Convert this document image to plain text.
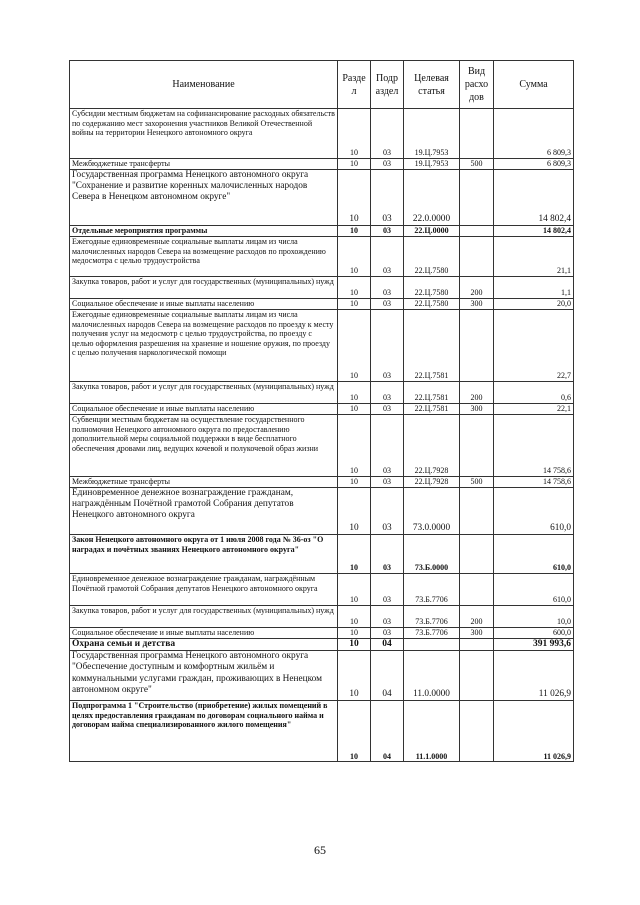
Наименование	Разде л	Подр аздел	Целевая статья	Вид расхо дов	Сумма
Субсидии местным бюджетам на софинансирование расходных обязательств по содержанию мест захоронения участников Великой Отечественной войны на территории Ненецкого автономного округа	10	03	19.Ц.7953		6 809,3
Межбюджетные трансферты	10	03	19.Ц.7953	500	6 809,3
Государственная программа Ненецкого автономного округа "Сохранение и развитие коренных малочисленных народов Севера в Ненецком автономном округе"	10	03	22.0.0000		14 802,4
Отдельные мероприятия программы	10	03	22.Ц.0000		14 802,4
Ежегодные единовременные социальные выплаты лицам из числа малочисленных народов Севера на возмещение расходов по прохождению медосмотра с целью трудоустройства	10	03	22.Ц.7580		21,1
Закупка товаров, работ и услуг для государственных (муниципальных) нужд	10	03	22.Ц.7580	200	1,1
Социальное обеспечение и иные выплаты населению	10	03	22.Ц.7580	300	20,0
Ежегодные единовременные социальные выплаты лицам из числа малочисленных народов Севера на возмещение расходов по проезду к месту получения услуг на медосмотр с целью трудоустройства, по проезду с целью оформления разрешения на хранение и ношение оружия, по проезду с целью получения наркологической помощи	10	03	22.Ц.7581		22,7
Закупка товаров, работ и услуг для государственных (муниципальных) нужд	10	03	22.Ц.7581	200	0,6
Социальное обеспечение и иные выплаты населению	10	03	22.Ц.7581	300	22,1
Субвенции местным бюджетам на осуществление государственного полномочия Ненецкого автономного округа по предоставлению дополнительной меры социальной поддержки в виде бесплатного обеспечения дровами лиц, ведущих кочевой и полукочевой образ жизни	10	03	22.Ц.7928		14 758,6
Межбюджетные трансферты	10	03	22.Ц.7928	500	14 758,6
Единовременное денежное вознаграждение гражданам, награждённым Почётной грамотой Собрания депутатов Ненецкого автономного округа	10	03	73.0.0000		610,0
Закон Ненецкого автономного округа от 1 июля 2008 года № 36-оз "О наградах и почётных званиях Ненецкого автономного округа"	10	03	73.Б.0000		610,0
Единовременное денежное вознаграждение гражданам, награждённым Почётной грамотой Собрания депутатов Ненецкого автономного округа	10	03	73.Б.7706		610,0
Закупка товаров, работ и услуг для государственных (муниципальных) нужд	10	03	73.Б.7706	200	10,0
Социальное обеспечение и иные выплаты населению	10	03	73.Б.7706	300	600,0
Охрана семьи и детства	10	04			391 993,6
Государственная программа Ненецкого автономного округа "Обеспечение доступным и комфортным жильём и коммунальными услугами граждан, проживающих в Ненецком автономном округе"	10	04	11.0.0000		11 026,9
Подпрограмма 1 "Строительство (приобретение) жилых помещений в целях предоставления гражданам по договорам социального найма и договорам найма специализированного жилого помещения"	10	04	11.1.0000		11 026,9
65
